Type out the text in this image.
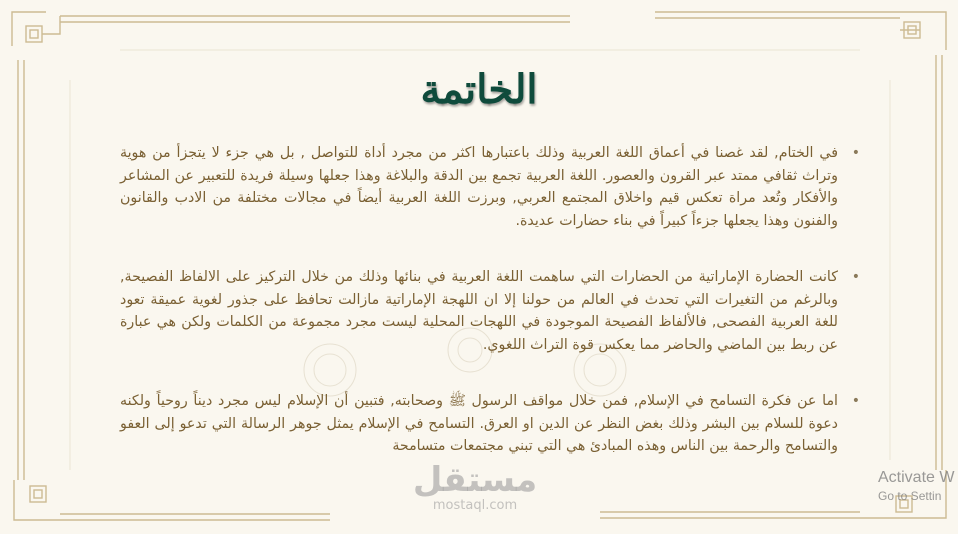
الخاتمة
•
في الختام, لقد غصنا في أعماق اللغة العربية وذلك باعتبارها اكثر من مجرد أداة للتواصل , بل هي جزء لا يتجزأ من هوية وتراث ثقافي ممتد عبر القرون والعصور. اللغة العربية تجمع بين الدقة والبلاغة وهذا جعلها وسيلة فريدة للتعبير عن المشاعر والأفكار وتُعد مراة تعكس قيم واخلاق المجتمع العربي, وبرزت اللغة العربية أيضاً في مجالات مختلفة من الادب والقانون والفنون وهذا يجعلها جزءاً كبيراً في بناء حضارات عديدة.
•
كانت الحضارة الإماراتية من الحضارات التي ساهمت اللغة العربية في بنائها وذلك من خلال التركيز على الالفاظ الفصيحة, وبالرغم من التغيرات التي تحدث في العالم من حولنا إلا ان اللهجة الإماراتية مازالت تحافظ على جذور لغوية عميقة تعود للغة العربية الفصحى, فالألفاظ الفصيحة الموجودة في اللهجات المحلية ليست مجرد مجموعة من الكلمات ولكن هي عبارة عن ربط بين الماضي والحاضر مما يعكس قوة التراث اللغوي.
•
اما عن فكرة التسامح في الإسلام, فمن خلال مواقف الرسول ﷺ وصحابته, فتبين أن الإسلام ليس مجرد ديناً روحياً ولكنه دعوة للسلام بين البشر وذلك بغض النظر عن الدين او العرق. التسامح في الإسلام يمثل جوهر الرسالة التي تدعو إلى العفو والتسامح والرحمة بين الناس وهذه المبادئ هي التي تبني مجتمعات متسامحة
مستقل
mostaql.com
Activate W
Go to Settin
